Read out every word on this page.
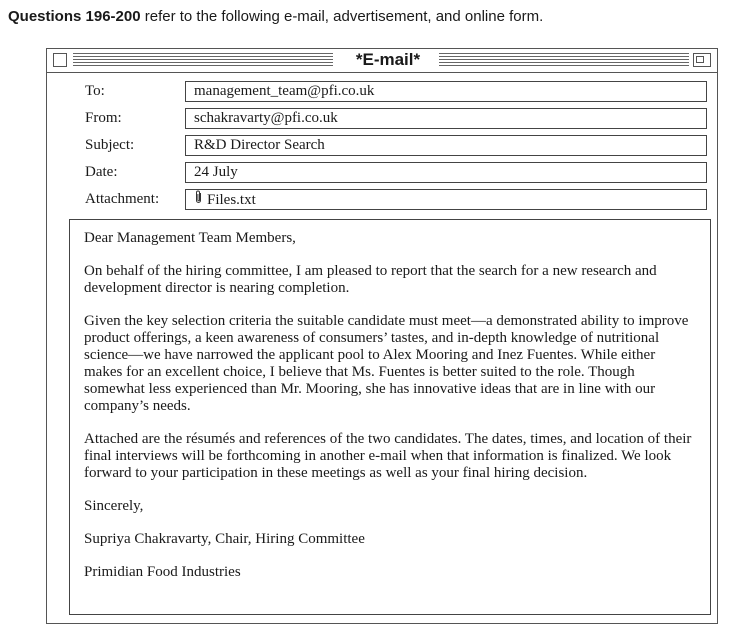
Questions 196-200 refer to the following e-mail, advertisement, and online form.
*E-mail*
To:	management_team@pfi.co.uk
From:	schakravarty@pfi.co.uk
Subject:	R&D Director Search
Date:	24 July
Attachment:	Files.txt

Dear Management Team Members,

On behalf of the hiring committee, I am pleased to report that the search for a new research and development director is nearing completion.

Given the key selection criteria the suitable candidate must meet—a demonstrated ability to improve product offerings, a keen awareness of consumers’ tastes, and in-depth knowledge of nutritional science—we have narrowed the applicant pool to Alex Mooring and Inez Fuentes. While either makes for an excellent choice, I believe that Ms. Fuentes is better suited to the role. Though somewhat less experienced than Mr. Mooring, she has innovative ideas that are in line with our company’s needs.

Attached are the résumés and references of the two candidates. The dates, times, and location of their final interviews will be forthcoming in another e-mail when that information is finalized. We look forward to your participation in these meetings as well as your final hiring decision.

Sincerely,

Supriya Chakravarty, Chair, Hiring Committee

Primidian Food Industries
